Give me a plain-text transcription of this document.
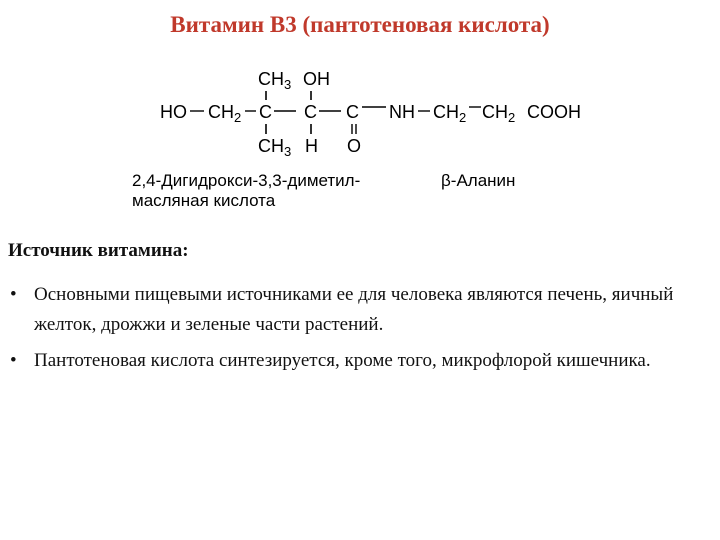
Витамин В3 (пантотеновая кислота)
$CH_3$ OH
HO $CH_2$ C C C NH $CH_2$ $CH_2$ COOH
$CH_3$ H O
2,4-Дигидрокси-3,3-диметил-
масляная кислота
β-Аланин
Источник витамина:
• Основными пищевыми источниками ее для человека являются печень, яичный желток, дрожжи и зеленые части растений.
• Пантотеновая кислота синтезируется, кроме того, микрофлорой кишечника.
